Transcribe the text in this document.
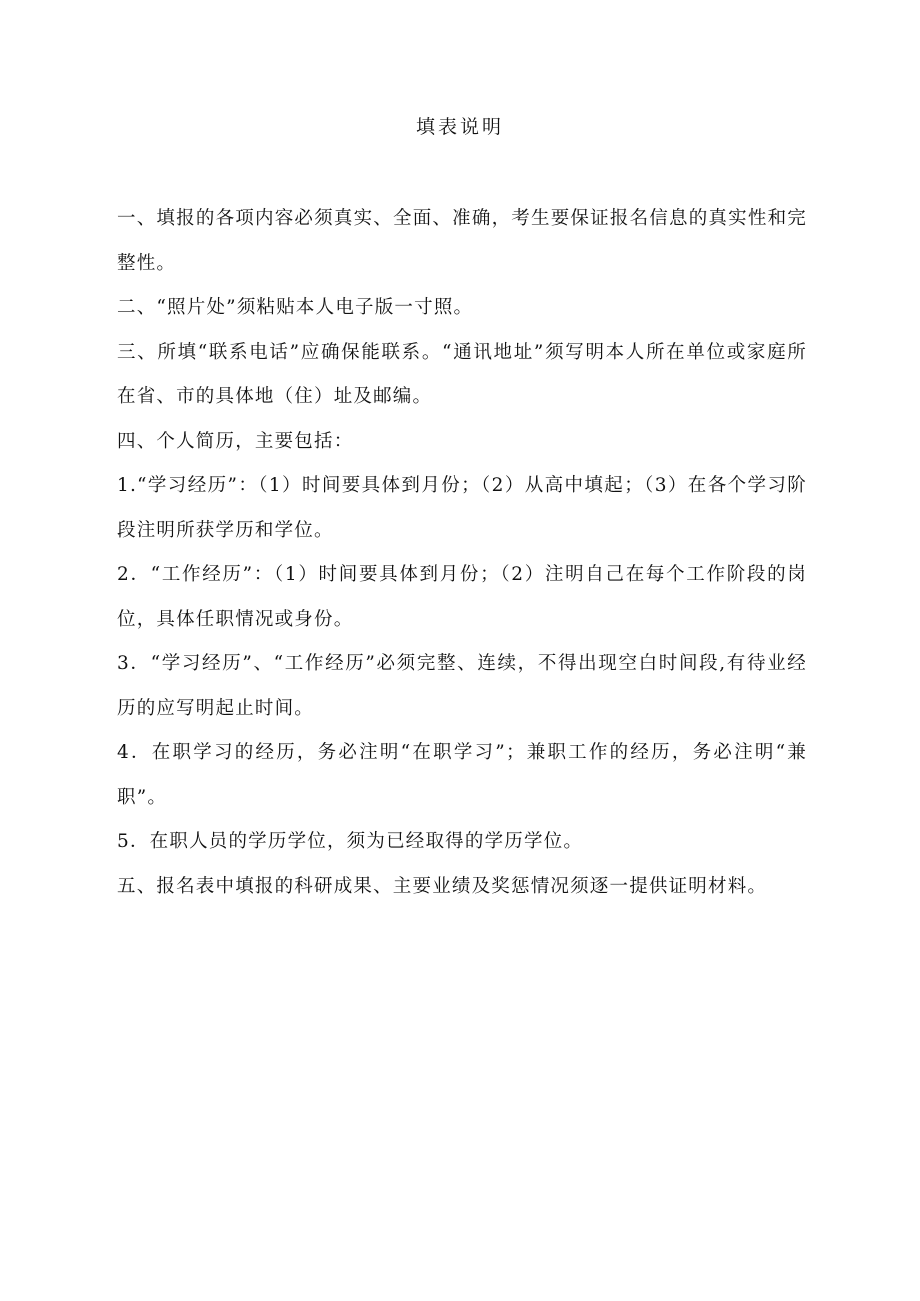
填表说明

一、填报的各项内容必须真实、全面、准确，考生要保证报名信息的真实性和完整性。

二、“照片处”须粘贴本人电子版一寸照。

三、所填“联系电话”应确保能联系。“通讯地址”须写明本人所在单位或家庭所在省、市的具体地（住）址及邮编。

四、个人简历，主要包括：

1.“学习经历”：（1）时间要具体到月份；（2）从高中填起；（3）在各个学习阶段注明所获学历和学位。

2．“工作经历”：（1）时间要具体到月份；（2）注明自己在每个工作阶段的岗位，具体任职情况或身份。

3．“学习经历”、“工作经历”必须完整、连续，不得出现空白时间段,有待业经历的应写明起止时间。

4．在职学习的经历，务必注明“在职学习”；兼职工作的经历，务必注明“兼职”。

5．在职人员的学历学位，须为已经取得的学历学位。

五、报名表中填报的科研成果、主要业绩及奖惩情况须逐一提供证明材料。
